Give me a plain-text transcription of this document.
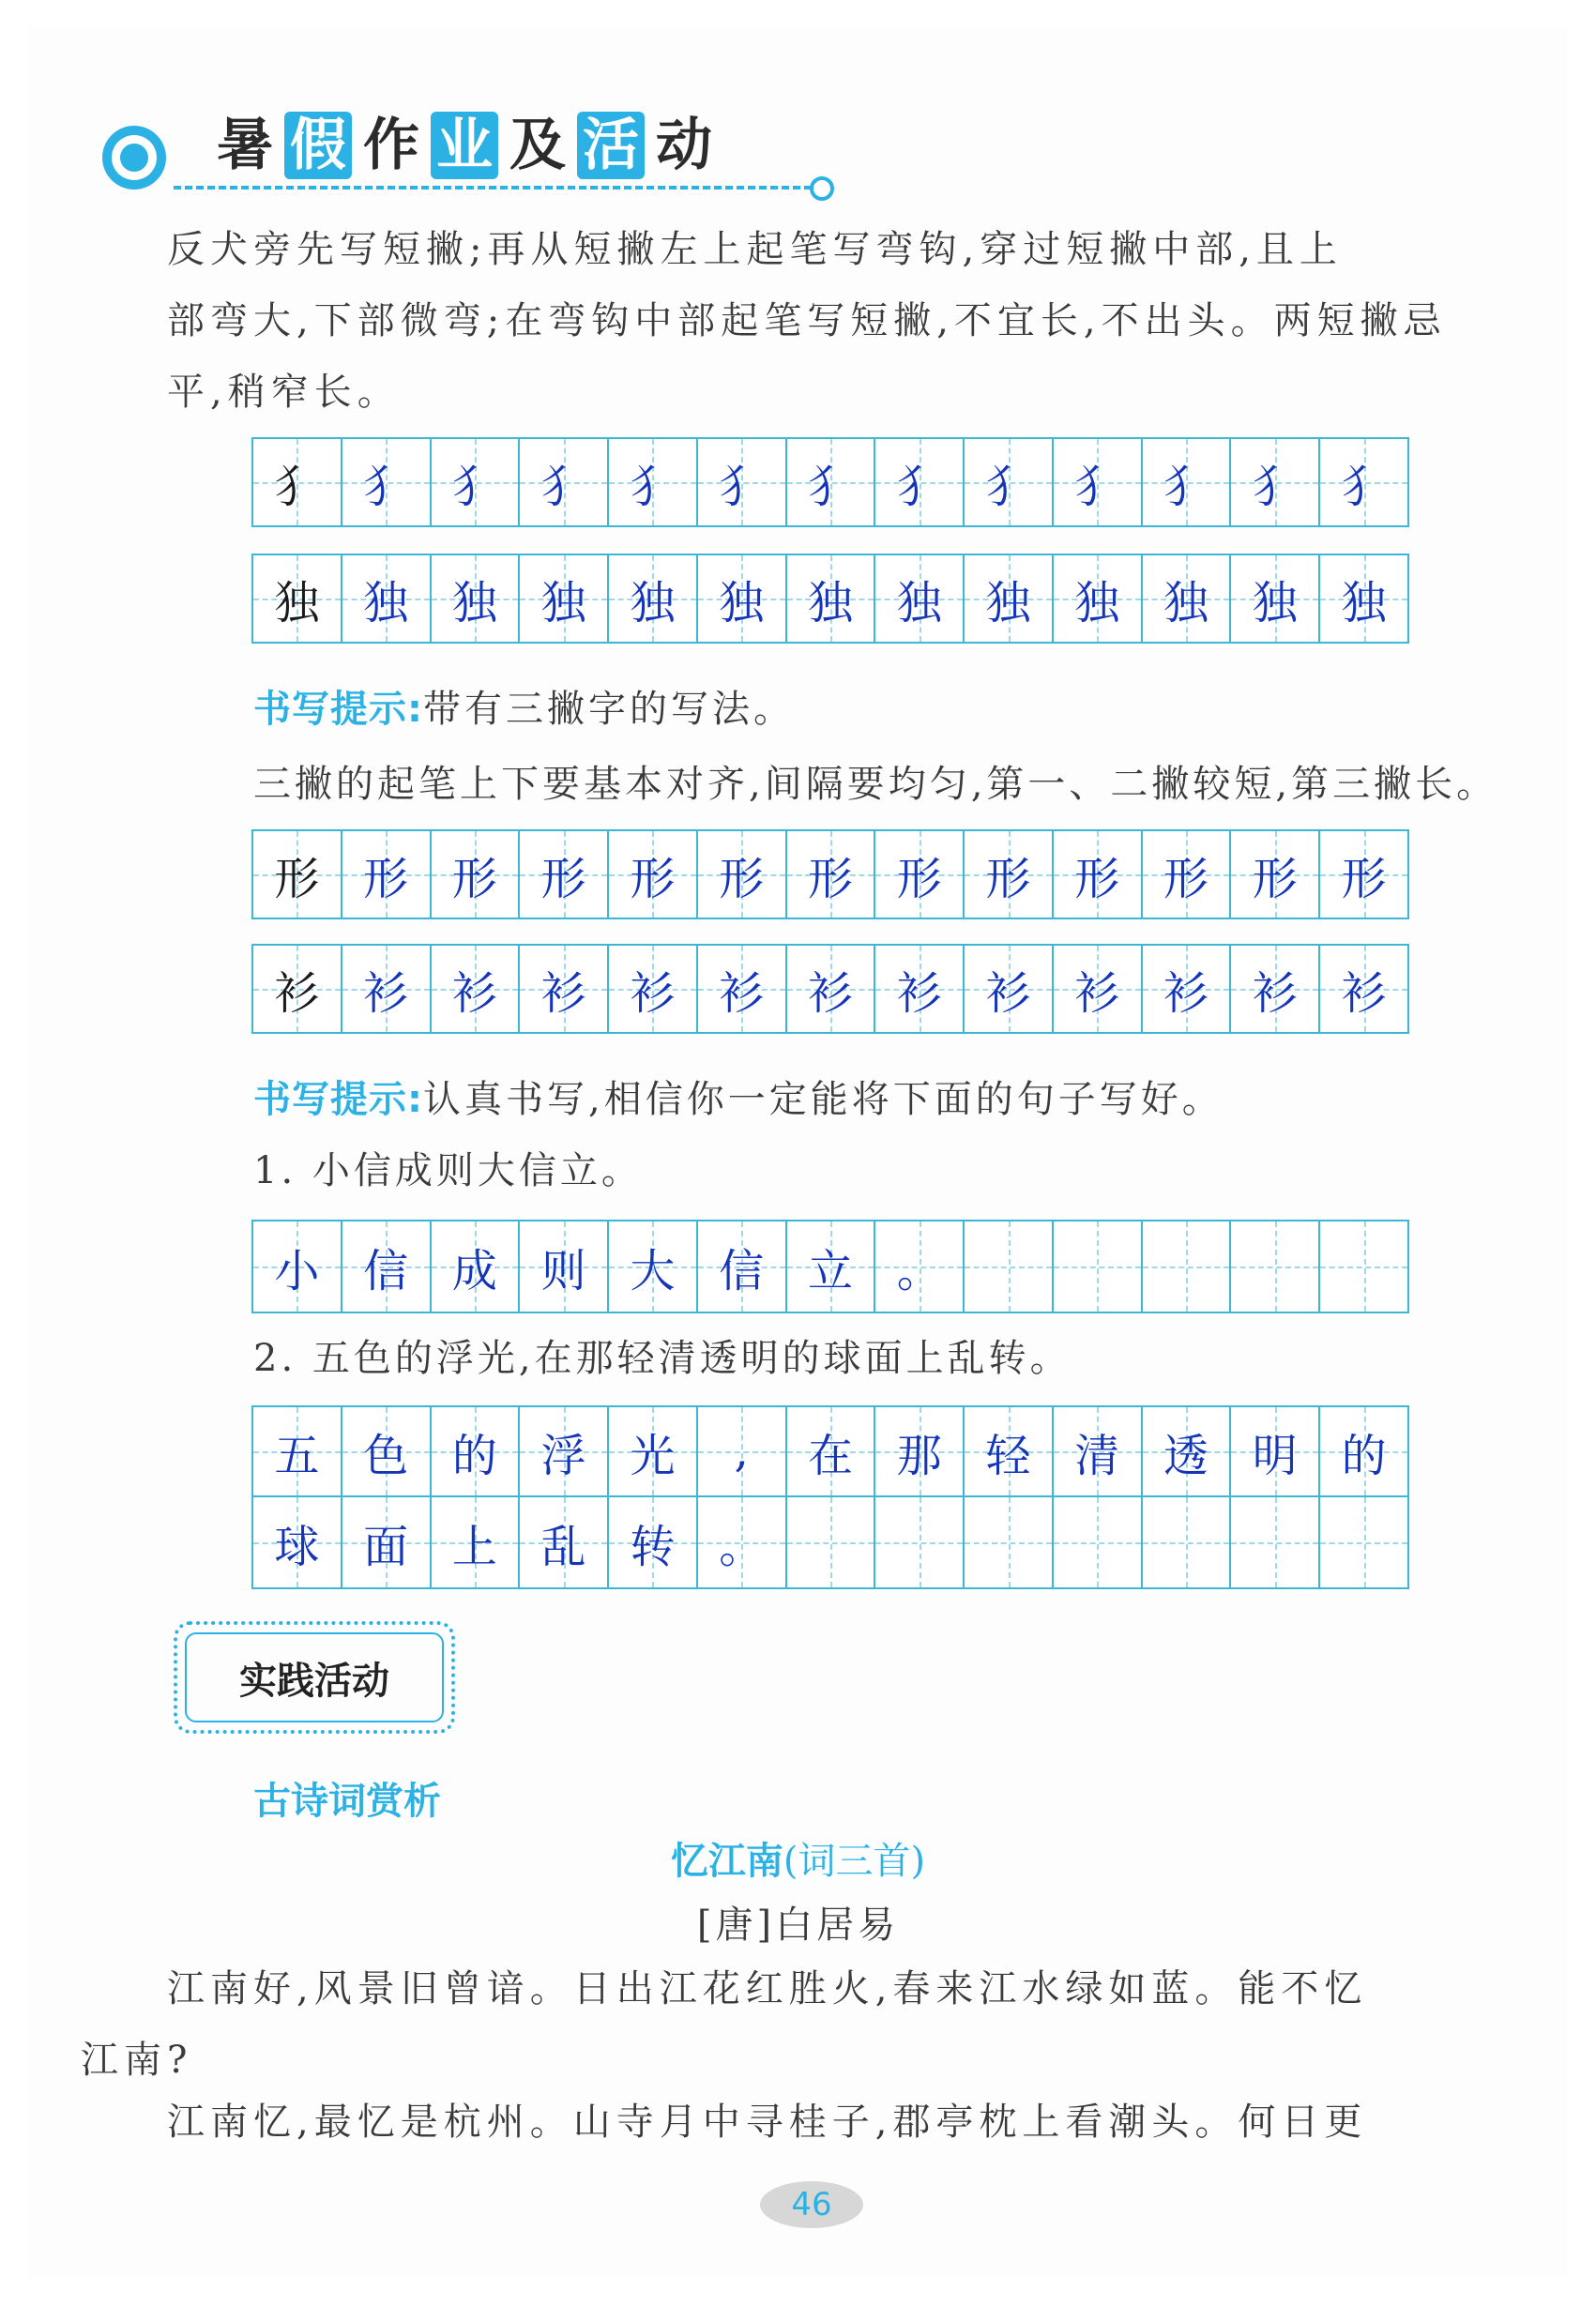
暑 假 作 业 及 活 动
反犬旁先写短撇;再从短撇左上起笔写弯钩,穿过短撇中部,且上
部弯大,下部微弯;在弯钩中部起笔写短撇,不宜长,不出头。两短撇忌
平,稍窄长。
犭 犭 犭 犭 犭 犭 犭 犭 犭 犭 犭 犭 犭
独 独 独 独 独 独 独 独 独 独 独 独 独
书写提示:带有三撇字的写法。
三撇的起笔上下要基本对齐,间隔要均匀,第一、二撇较短,第三撇长。
形 形 形 形 形 形 形 形 形 形 形 形 形
衫 衫 衫 衫 衫 衫 衫 衫 衫 衫 衫 衫 衫
书写提示:认真书写,相信你一定能将下面的句子写好。
1. 小信成则大信立。
小 信 成 则 大 信 立 。
2. 五色的浮光,在那轻清透明的球面上乱转。
五 色 的 浮 光 , 在 那 轻 清 透 明 的
球 面 上 乱 转 。
实践活动
古诗词赏析
忆江南(词三首)
[唐]白居易
江南好,风景旧曾谙。日出江花红胜火,春来江水绿如蓝。能不忆
江南?
江南忆,最忆是杭州。山寺月中寻桂子,郡亭枕上看潮头。何日更
46
